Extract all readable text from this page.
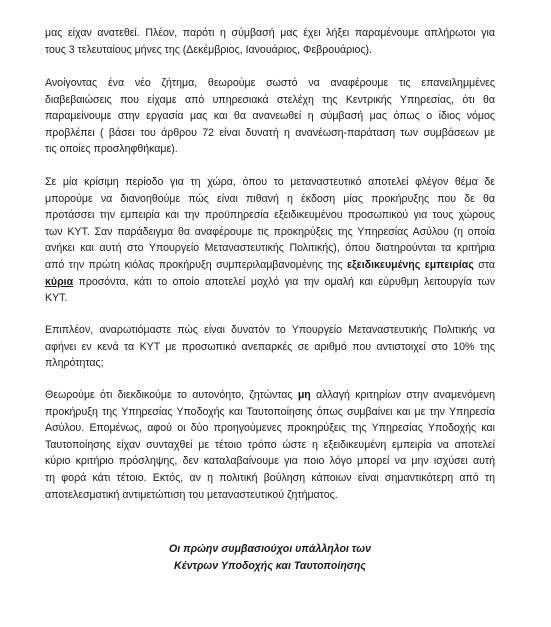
μας είχαν ανατεθεί. Πλέον, παρότι η σύμβασή μας έχει λήξει παραμένουμε απλήρωτοι για
τους 3 τελευταίους μήνες της (Δεκέμβριος, Ιανουάριος, Φεβρουάριος).
Ανοίγοντας ένα νέο ζήτημα, θεωρούμε σωστό να αναφέρουμε τις επανειλημμένες
διαβεβαιώσεις που είχαμε από υπηρεσιακά στελέχη της Κεντρικής Υπηρεσίας, ότι θα
παραμείνουμε στην εργασία μας και θα ανανεωθεί η σύμβασή μας όπως ο ίδιος νόμος
προβλέπει ( βάσει του άρθρου 72 είναι δυνατή η ανανέωση-παράταση των συμβάσεων με
τις οποίες προσληφθήκαμε).
Σε μία κρίσιμη περίοδο για τη χώρα, όπου το μεταναστευτικό αποτελεί φλέγον θέμα δε
μπορούμε να διανοηθούμε πώς είναι πιθανή η έκδοση μίας προκήρυξης που δε θα
προτάσσει την εμπειρία και την προϋπηρεσία εξειδικευμένου προσωπικού για τους χώρους
των ΚΥΤ. Σαν παράδειγμα θα αναφέρουμε τις προκηρύξεις της Υπηρεσίας Ασύλου (η οποία
ανήκει και αυτή στο Υπουργείο Μεταναστευτικής Πολιτικής), όπου διατηρούνται τα κριτήρια
από την πρώτη κιόλας προκήρυξη συμπεριλαμβανομένης της εξειδικευμένης εμπειρίας στα
κύρια προσόντα, κάτι το οποίο αποτελεί μοχλό για την ομαλή και εύρυθμη λειτουργία των
ΚΥΤ.
Επιπλέον, αναρωτιόμαστε πώς είναι δυνατόν το Υπουργείο Μεταναστευτικής Πολιτικής να
αφήνει εν κενά τα ΚΥΤ με προσωπικό ανεπαρκές σε αριθμό που αντιστοιχεί στο 10% της
πληρότητας;
Θεωρούμε ότι διεκδικούμε το αυτονόητο, ζητώντας μη αλλαγή κριτηρίων στην αναμενόμενη
προκήρυξη της Υπηρεσίας Υποδοχής και Ταυτοποίησης όπως συμβαίνει και με την Υπηρεσία
Ασύλου. Επομένως, αφού οι δύο προηγούμενες προκηρύξεις της Υπηρεσίας Υποδοχής και
Ταυτοποίησης είχαν συνταχθεί με τέτοιο τρόπο ώστε η εξειδικευμένη εμπειρία να αποτελεί
κύριο κριτήριο πρόσληψης, δεν καταλαβαίνουμε για ποιο λόγο μπορεί να μην ισχύσει αυτή
τη φορά κάτι τέτοιο. Εκτός, αν η πολιτική βούληση κάποιων είναι σημαντικότερη από τη
αποτελεσματική αντιμετώπιση του μεταναστευτικού ζητήματος.
Οι πρώην συμβασιούχοι υπάλληλοι των
Κέντρων Υποδοχής και Ταυτοποίησης
